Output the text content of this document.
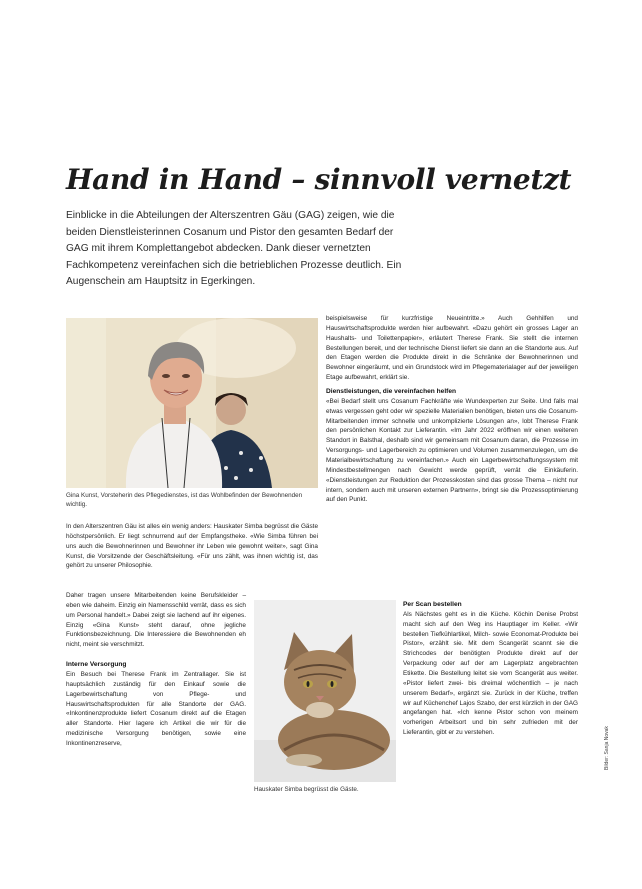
Hand in Hand – sinnvoll vernetzt
Einblicke in die Abteilungen der Alterszentren Gäu (GAG) zeigen, wie die beiden Dienstleisterinnen Cosanum und Pistor den gesamten Bedarf der GAG mit ihrem Komplettangebot abdecken. Dank dieser vernetzten Fachkompetenz vereinfachen sich die betrieblichen Prozesse deutlich. Ein Augenschein am Hauptsitz in Egerkingen.
Gina Kunst, Vorsteherin des Pflegedienstes, ist das Wohlbefinden der Bewohnenden wichtig.

In den Alterszentren Gäu ist alles ein wenig anders: Hauskater Simba begrüsst die Gäste höchstpersönlich. Er liegt schnurrend auf der Empfangstheke. «Wie Simba führen bei uns auch die Bewohnerinnen und Bewohner ihr Leben wie gewohnt weiter», sagt Gina Kunst, die Vorsitzende der Geschäftsleitung. «Für uns zählt, was ihnen wichtig ist, das gehört zu unserer Philosophie.

Daher tragen unsere Mitarbeitenden keine Berufskleider – eben wie daheim. Einzig ein Namensschild verrät, dass es sich um Personal handelt.» Dabei zeigt sie lachend auf ihr eigenes. Einzig «Gina Kunst» steht darauf, ohne jegliche Funktionsbezeichnung. Die Interessiere die Bewohnenden eh nicht, meint sie verschmitzt.

Interne Versorgung

Ein Besuch bei Therese Frank im Zentrallager. Sie ist hauptsächlich zuständig für den Einkauf sowie die Lagerbewirtschaftung von Pflege- und Hauswirtschaftsprodukten für alle Standorte der GAG. «Inkontinenzprodukte liefert Cosanum direkt auf die Etagen aller Standorte. Hier lagere ich Artikel die wir für die medizinische Versorgung benötigen, sowie eine Inkontinenzreserve,

Hauskater Simba begrüsst die Gäste.

beispielsweise für kurzfristige Neueintritte.» Auch Gehhilfen und Hauswirtschaftsprodukte werden hier aufbewahrt. «Dazu gehört ein grosses Lager an Haushalts- und Toilettenpapier», erläutert Therese Frank. Sie stellt die internen Bestellungen bereit, und der technische Dienst liefert sie dann an die Standorte aus. Auf den Etagen werden die Produkte direkt in die Schränke der Bewohnerinnen und Bewohner eingeräumt, und ein Grundstock wird im Pflegematerialager auf der jeweiligen Etage aufbewahrt, erklärt sie.

Dienstleistungen, die vereinfachen helfen

«Bei Bedarf stellt uns Cosanum Fachkräfte wie Wundexperten zur Seite. Und falls mal etwas vergessen geht oder wir spezielle Materialien benötigen, bieten uns die Cosanum-Mitarbeitenden immer schnelle und unkomplizierte Lösungen an», lobt Therese Frank den persönlichen Kontakt zur Lieferantin. «Im Jahr 2022 eröffnen wir einen weiteren Standort in Balsthal, deshalb sind wir gemeinsam mit Cosanum daran, die Prozesse im Versorgungs- und Lagerbereich zu optimieren und Volumen zusammenzulegen, um die Materialbewirtschaftung zu vereinfachen.» Auch ein Lagerbewirtschaftungssystem mit Mindestbestellmengen nach Gewicht werde geprüft, verrät die Einkäuferin. «Dienstleistungen zur Reduktion der Prozesskosten sind das grosse Thema – nicht nur intern, sondern auch mit unseren externen Partnern», bringt sie die Prozessoptimierung auf den Punkt.

Per Scan bestellen

Als Nächstes geht es in die Küche. Köchin Denise Probst macht sich auf den Weg ins Hauptlager im Keller. «Wir bestellen Tiefkühlartikel, Milch- sowie Economat-Produkte bei Pistor», erzählt sie. Mit dem Scangerät scannt sie die Strichcodes der benötigten Produkte direkt auf der Verpackung oder auf der am Lagerplatz angebrachten Etikette. Die Bestellung leitet sie vom Scangerät aus weiter. «Pistor liefert zwei- bis dreimal wöchentlich – je nach unserem Bedarf», ergänzt sie. Zurück in der Küche, treffen wir auf Küchenchef Lajos Szabo, der erst kürzlich in der GAG angefangen hat. «Ich kenne Pistor schon von meinem vorherigen Arbeitsort und bin sehr zufrieden mit der Lieferantin, gibt er zu verstehen.	Bilder: Sanja Novak
